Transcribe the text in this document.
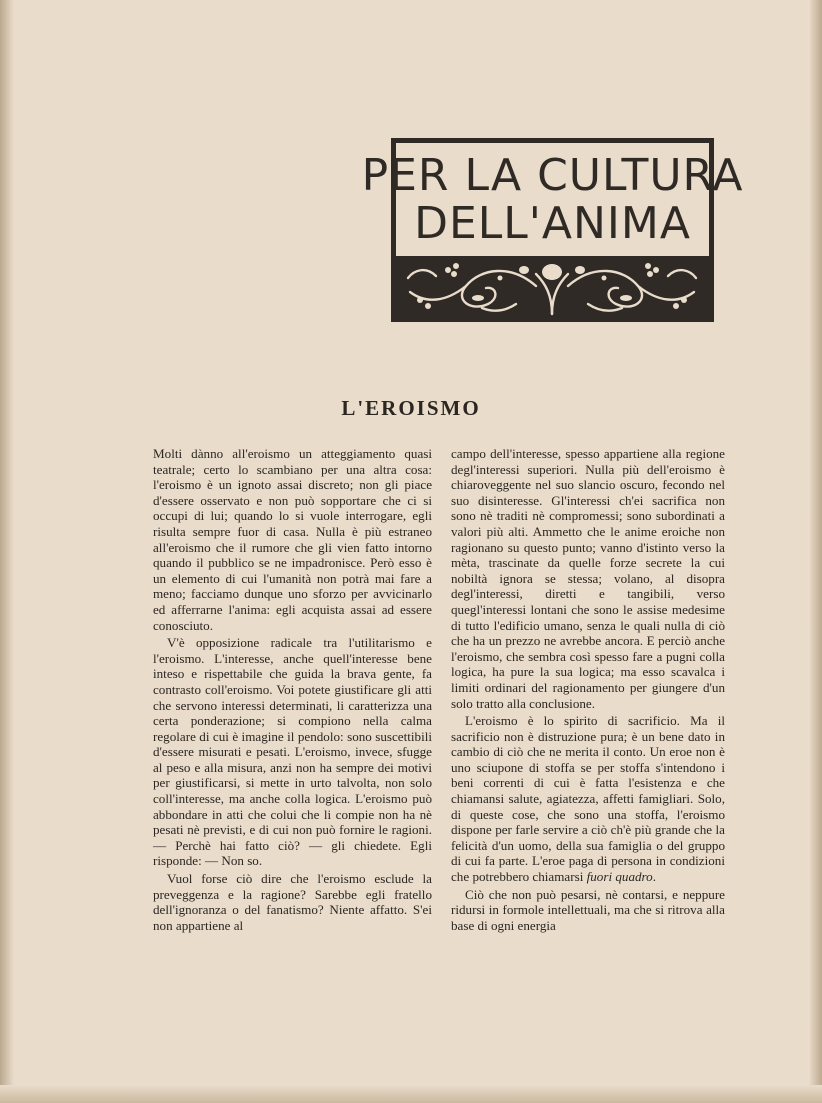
PER LA CULTURA
DELL'ANIMA
L'EROISMO

Molti dànno all'eroismo un atteggiamento quasi teatrale; certo lo scambiano per una altra cosa: l'eroismo è un ignoto assai discreto; non gli piace d'essere osservato e non può sopportare che ci si occupi di lui; quando lo si vuole interrogare, egli risulta sempre fuor di casa. Nulla è più estraneo all'eroismo che il rumore che gli vien fatto intorno quando il pubblico se ne impadronisce. Però esso è un elemento di cui l'umanità non potrà mai fare a meno; facciamo dunque uno sforzo per avvicinarlo ed afferrarne l'anima: egli acquista assai ad essere conosciuto.

V'è opposizione radicale tra l'utilitarismo e l'eroismo. L'interesse, anche quell'interesse bene inteso e rispettabile che guida la brava gente, fa contrasto coll'eroismo. Voi potete giustificare gli atti che servono interessi determinati, li caratterizza una certa ponderazione; si compiono nella calma regolare di cui è imagine il pendolo: sono suscettibili d'essere misurati e pesati. L'eroismo, invece, sfugge al peso e alla misura, anzi non ha sempre dei motivi per giustificarsi, si mette in urto talvolta, non solo coll'interesse, ma anche colla logica. L'eroismo può abbondare in atti che colui che li compie non ha nè pesati nè previsti, e di cui non può fornire le ragioni. — Perchè hai fatto ciò? — gli chiedete. Egli risponde: — Non so.

Vuol forse ciò dire che l'eroismo esclude la preveggenza e la ragione? Sarebbe egli fratello dell'ignoranza o del fanatismo? Niente affatto. S'ei non appartiene al

campo dell'interesse, spesso appartiene alla regione degl'interessi superiori. Nulla più dell'eroismo è chiaroveggente nel suo slancio oscuro, fecondo nel suo disinteresse. Gl'interessi ch'ei sacrifica non sono nè traditi nè compromessi; sono subordinati a valori più alti. Ammetto che le anime eroiche non ragionano su questo punto; vanno d'istinto verso la mèta, trascinate da quelle forze secrete la cui nobiltà ignora se stessa; volano, al disopra degl'interessi, diretti e tangibili, verso quegl'interessi lontani che sono le assise medesime di tutto l'edificio umano, senza le quali nulla di ciò che ha un prezzo ne avrebbe ancora. E perciò anche l'eroismo, che sembra così spesso fare a pugni colla logica, ha pure la sua logica; ma esso scavalca i limiti ordinari del ragionamento per giungere d'un solo tratto alla conclusione.

L'eroismo è lo spirito di sacrificio. Ma il sacrificio non è distruzione pura; è un bene dato in cambio di ciò che ne merita il conto. Un eroe non è uno sciupone di stoffa se per stoffa s'intendono i beni correnti di cui è fatta l'esistenza e che chiamansi salute, agiatezza, affetti famigliari. Solo, di queste cose, che sono una stoffa, l'eroismo dispone per farle servire a ciò ch'è più grande che la felicità d'un uomo, della sua famiglia o del gruppo di cui fa parte. L'eroe paga di persona in condizioni che potrebbero chiamarsi fuori quadro.

Ciò che non può pesarsi, nè contarsi, e neppure ridursi in formole intellettuali, ma che si ritrova alla base di ogni energia
